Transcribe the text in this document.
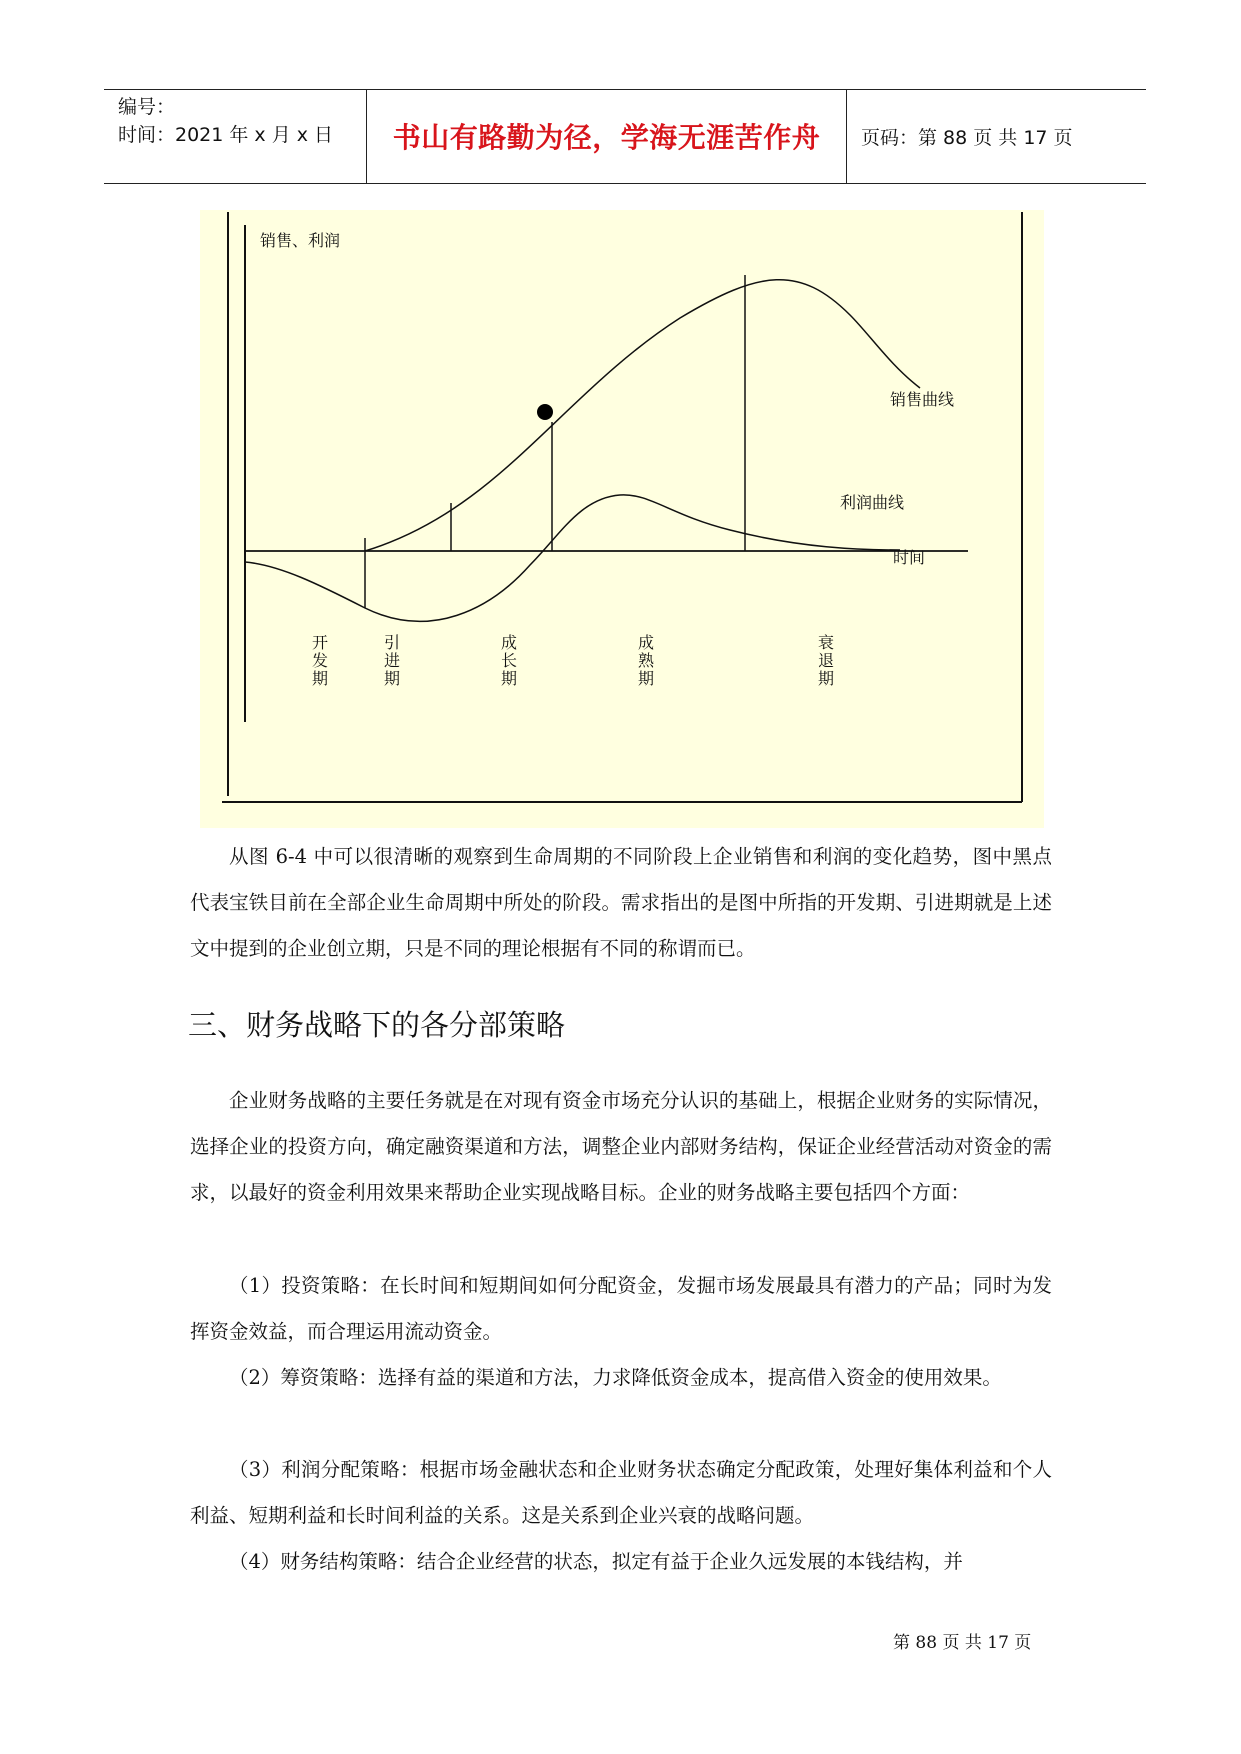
编号：
时间：2021 年 x 月 x 日	书山有路勤为径，学海无涯苦作舟	页码：第 88 页 共 17 页
销售、利润
时间
销售曲线
利润曲线
开发期
引进期
成长期
成熟期
衰退期
从图 6-4 中可以很清晰的观察到生命周期的不同阶段上企业销售和利润的变化趋势，图中黑点代表宝铁目前在全部企业生命周期中所处的阶段。需求指出的是图中所指的开发期、引进期就是上述文中提到的企业创立期，只是不同的理论根据有不同的称谓而已。
三、财务战略下的各分部策略
企业财务战略的主要任务就是在对现有资金市场充分认识的基础上，根据企业财务的实际情况，选择企业的投资方向，确定融资渠道和方法，调整企业内部财务结构，保证企业经营活动对资金的需求，以最好的资金利用效果来帮助企业实现战略目标。企业的财务战略主要包括四个方面：
（1）投资策略：在长时间和短期间如何分配资金，发掘市场发展最具有潜力的产品；同时为发挥资金效益，而合理运用流动资金。
（2）筹资策略：选择有益的渠道和方法，力求降低资金成本，提高借入资金的使用效果。
（3）利润分配策略：根据市场金融状态和企业财务状态确定分配政策，处理好集体利益和个人利益、短期利益和长时间利益的关系。这是关系到企业兴衰的战略问题。
（4）财务结构策略：结合企业经营的状态，拟定有益于企业久远发展的本钱结构，并
第 88 页 共 17 页
